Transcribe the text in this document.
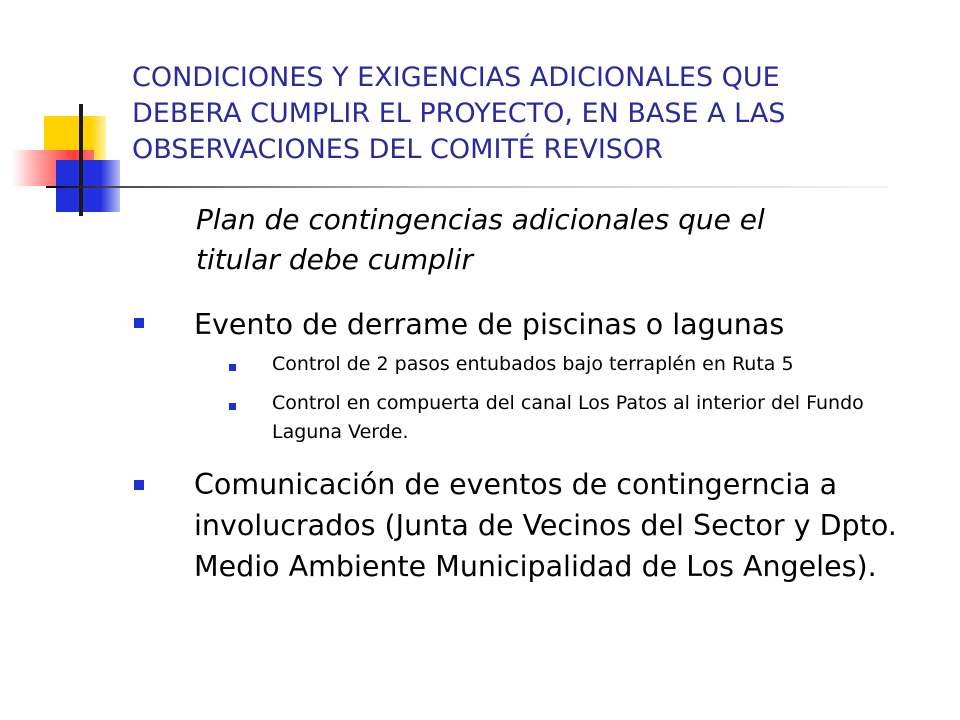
CONDICIONES Y EXIGENCIAS ADICIONALES QUE
DEBERA CUMPLIR EL PROYECTO, EN BASE A LAS
OBSERVACIONES DEL COMITÉ REVISOR
Plan de contingencias adicionales que el
titular debe cumplir
Evento de derrame de piscinas o lagunas
Control de 2 pasos entubados bajo terraplén en Ruta 5
Control en compuerta del canal Los Patos al interior del Fundo Laguna Verde.
Comunicación de eventos de contingerncia a involucrados (Junta de Vecinos del Sector y Dpto. Medio Ambiente Municipalidad de Los Angeles).
